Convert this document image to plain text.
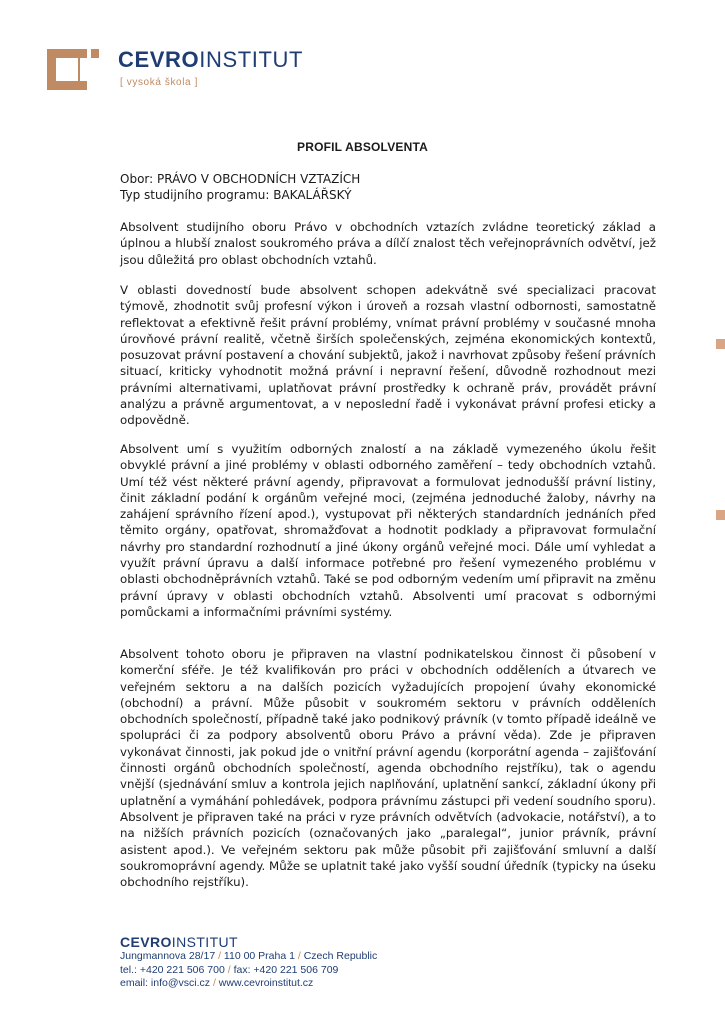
CEVROINSTITUT
[ vysoká škola ]
PROFIL ABSOLVENTA
Obor: PRÁVO V OBCHODNÍCH VZTAZÍCH
Typ studijního programu: BAKALÁŘSKÝ

Absolvent studijního oboru Právo v obchodních vztazích zvládne teoretický základ a úplnou a hlubší znalost soukromého práva a dílčí znalost těch veřejnoprávních odvětví, jež jsou důležitá pro oblast obchodních vztahů.

V oblasti dovedností bude absolvent schopen adekvátně své specializaci pracovat týmově, zhodnotit svůj profesní výkon i úroveň a rozsah vlastní odbornosti, samostatně reflektovat a efektivně řešit právní problémy, vnímat právní problémy v současné mnoha úrovňové právní realitě, včetně širších společenských, zejména ekonomických kontextů, posuzovat právní postavení a chování subjektů, jakož i navrhovat způsoby řešení právních situací, kriticky vyhodnotit možná právní i nepravní řešení, důvodně rozhodnout mezi právními alternativami, uplatňovat právní prostředky k ochraně práv, provádět právní analýzu a právně argumentovat, a v neposlední řadě i vykonávat právní profesi eticky a odpovědně.

Absolvent umí s využitím odborných znalostí a na základě vymezeného úkolu řešit obvyklé právní a jiné problémy v oblasti odborného zaměření – tedy obchodních vztahů. Umí též vést některé právní agendy, připravovat a formulovat jednodušší právní listiny, činit základní podání k orgánům veřejné moci, (zejména jednoduché žaloby, návrhy na zahájení správního řízení apod.), vystupovat při některých standardních jednáních před těmito orgány, opatřovat, shromažďovat a hodnotit podklady a připravovat formulační návrhy pro standardní rozhodnutí a jiné úkony orgánů veřejné moci. Dále umí vyhledat a využít právní úpravu a další informace potřebné pro řešení vymezeného problému v oblasti obchodněprávních vztahů. Také se pod odborným vedením umí připravit na změnu právní úpravy v oblasti obchodních vztahů. Absolventi umí pracovat s odbornými pomůckami a informačními právními systémy.

Absolvent tohoto oboru je připraven na vlastní podnikatelskou činnost či působení v komerční sféře. Je též kvalifikován pro práci v obchodních odděleních a útvarech ve veřejném sektoru a na dalších pozicích vyžadujících propojení úvahy ekonomické (obchodní) a právní. Může působit v soukromém sektoru v právních odděleních obchodních společností, případně také jako podnikový právník (v tomto případě ideálně ve spolupráci či za podpory absolventů oboru Právo a právní věda). Zde je připraven vykonávat činnosti, jak pokud jde o vnitřní právní agendu (korporátní agenda – zajišťování činnosti orgánů obchodních společností, agenda obchodního rejstříku), tak o agendu vnější (sjednávání smluv a kontrola jejich naplňování, uplatnění sankcí, základní úkony při uplatnění a vymáhání pohledávek, podpora právnímu zástupci při vedení soudního sporu). Absolvent je připraven také na práci v ryze právních odvětvích (advokacie, notářství), a to na nižších právních pozicích (označovaných jako „paralegal“, junior právník, právní asistent apod.). Ve veřejném sektoru pak může působit při zajišťování smluvní a další soukromoprávní agendy. Může se uplatnit také jako vyšší soudní úředník (typicky na úseku obchodního rejstříku).

CEVROINSTITUT
Jungmannova 28/17 / 110 00 Praha 1 / Czech Republic
tel.: +420 221 506 700 / fax: +420 221 506 709
email: info@vsci.cz / www.cevroinstitut.cz
